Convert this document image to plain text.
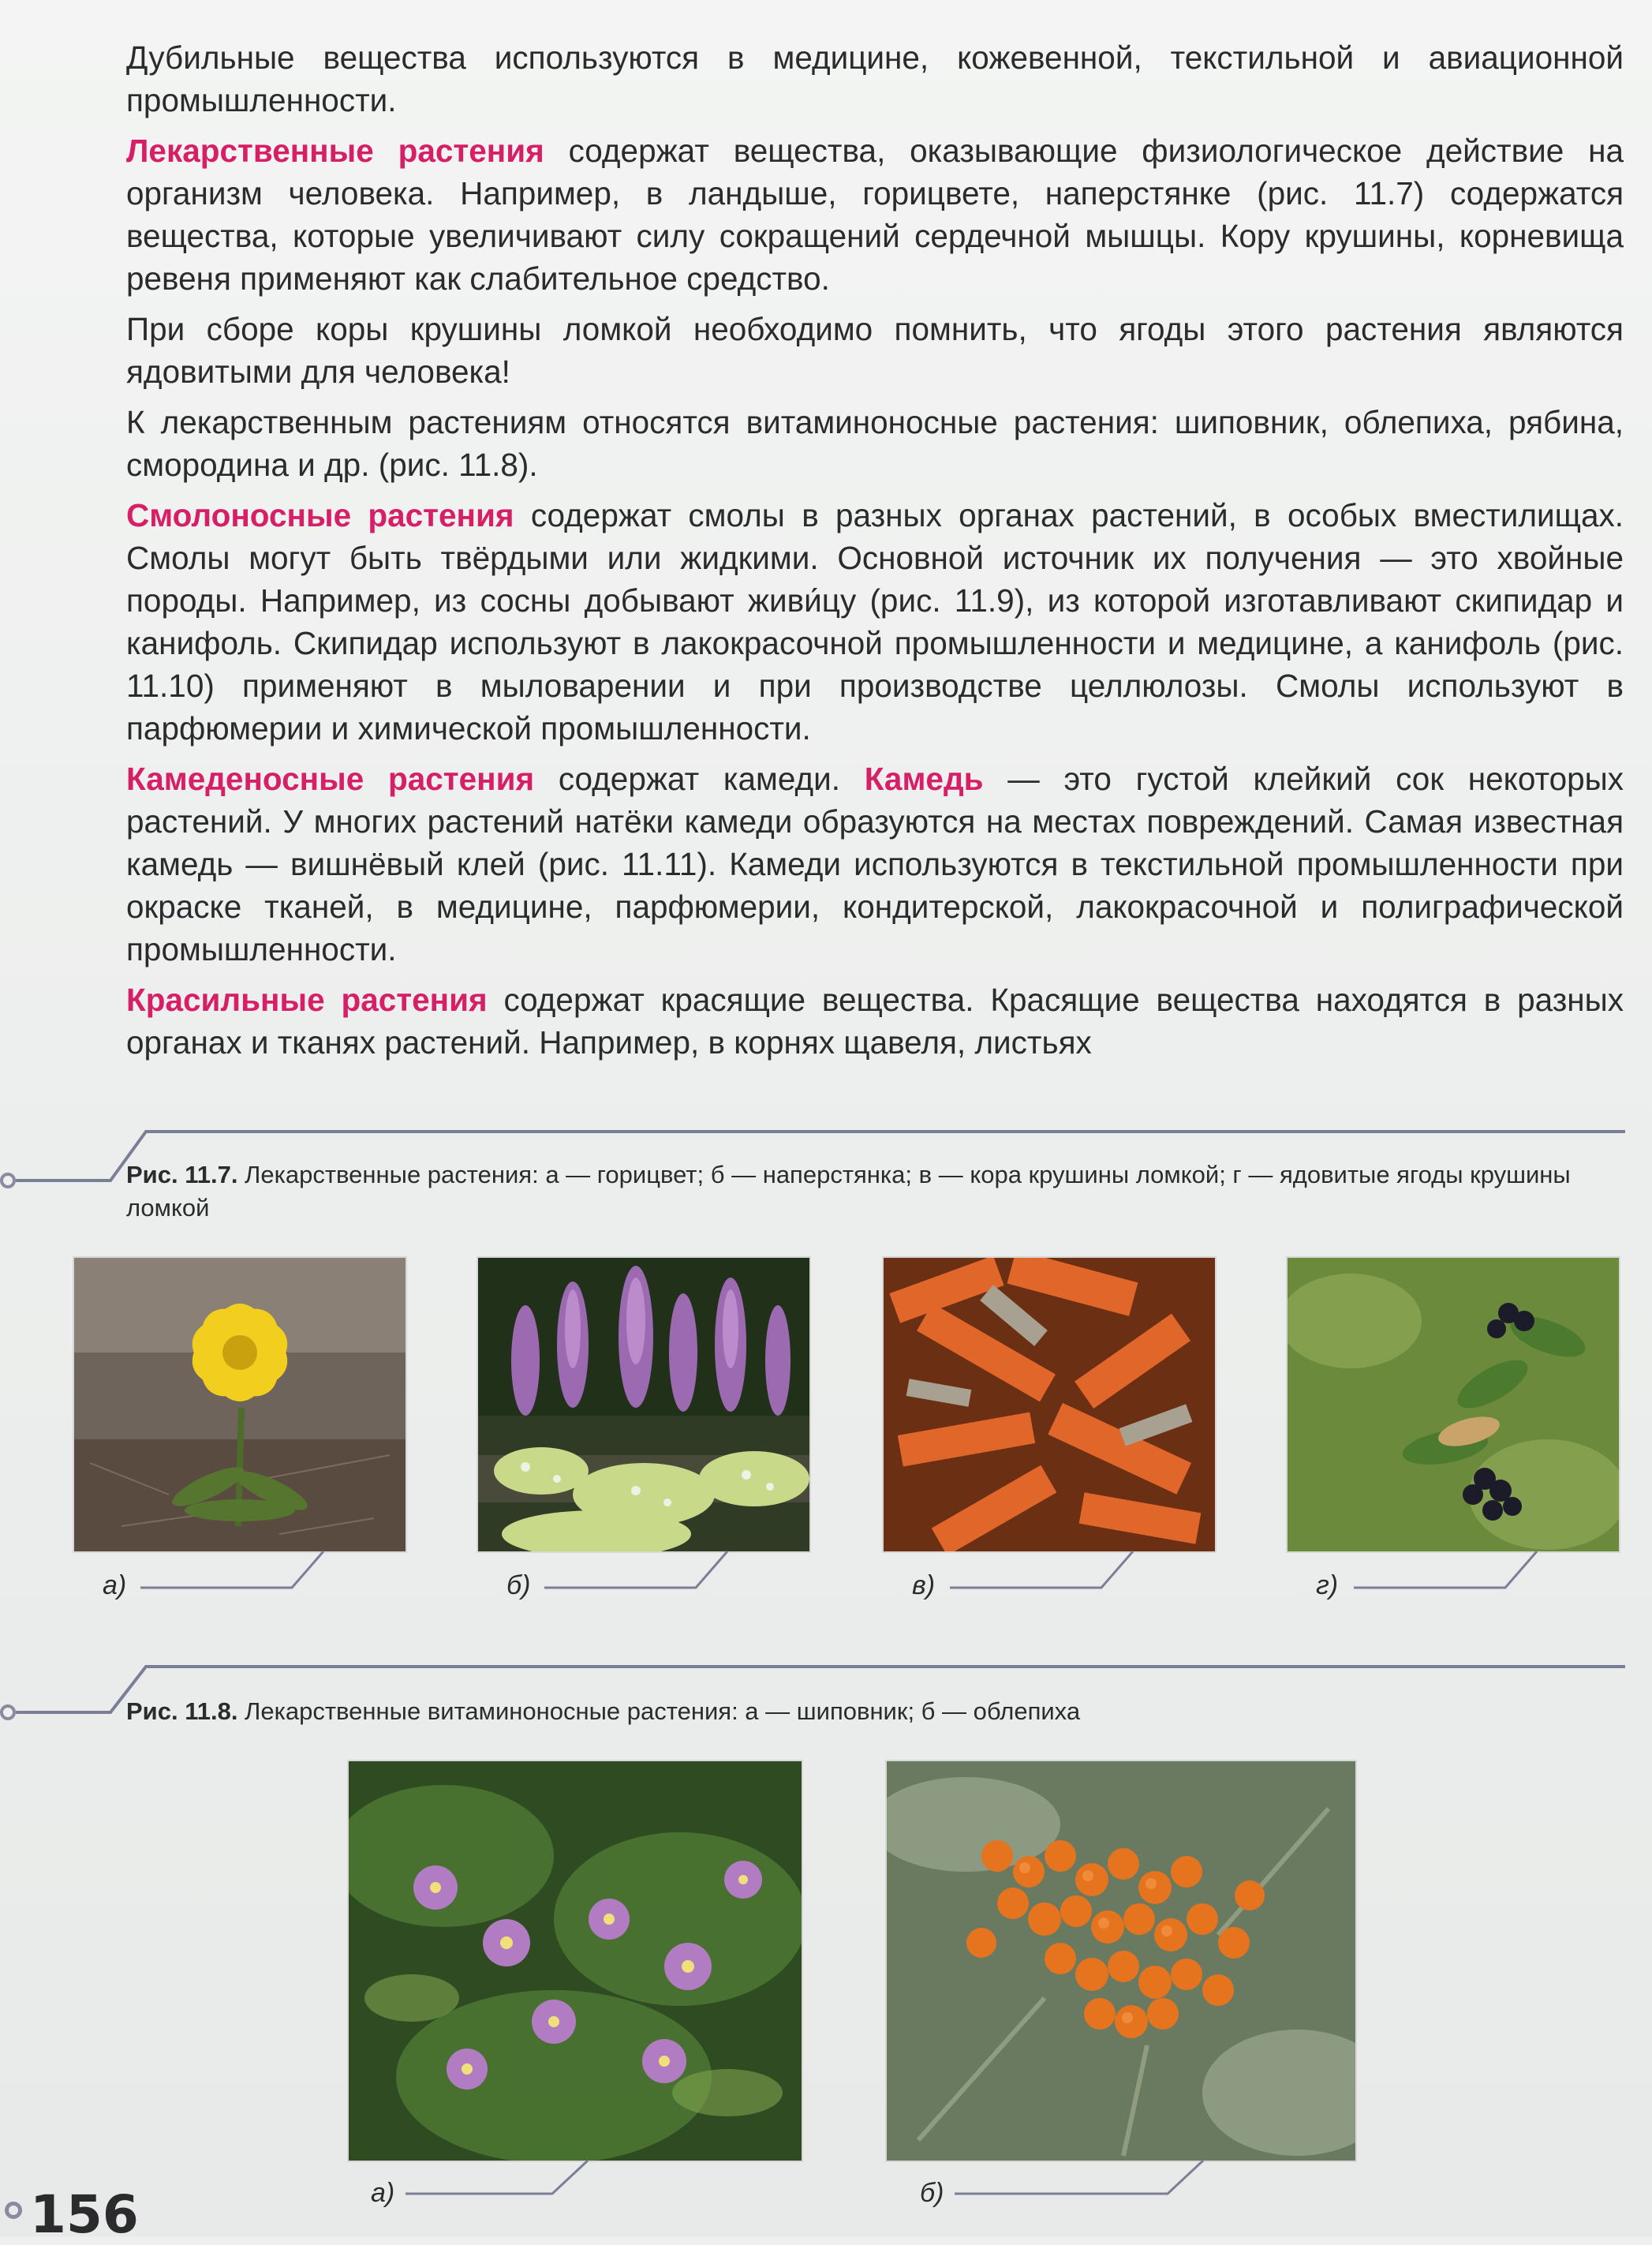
Дубильные вещества используются в медицине, кожевенной, текстильной и авиационной промышленности.

Лекарственные растения содержат вещества, оказывающие физиологическое действие на организм человека. Например, в ландыше, горицвете, наперстянке (рис. 11.7) содержатся вещества, которые увеличивают силу сокращений сердечной мышцы. Кору крушины, корневища ревеня применяют как слабительное средство.

При сборе коры крушины ломкой необходимо помнить, что ягоды этого растения являются ядовитыми для человека!

К лекарственным растениям относятся витаминоносные растения: шиповник, облепиха, рябина, смородина и др. (рис. 11.8).

Смолоносные растения содержат смолы в разных органах растений, в особых вместилищах. Смолы могут быть твёрдыми или жидкими. Основной источник их получения — это хвойные породы. Например, из сосны добывают живи́цу (рис. 11.9), из которой изготавливают скипидар и канифоль. Скипидар используют в лакокрасочной промышленности и медицине, а канифоль (рис. 11.10) применяют в мыловарении и при производстве целлюлозы. Смолы используют в парфюмерии и химической промышленности.

Камеденосные растения содержат камеди. Камедь — это густой клейкий сок некоторых растений. У многих растений натёки камеди образуются на местах повреждений. Самая известная камедь — вишнёвый клей (рис. 11.11). Камеди используются в текстильной промышленности при окраске тканей, в медицине, парфюмерии, кондитерской, лакокрасочной и полиграфической промышленности.

Красильные растения содержат красящие вещества. Красящие вещества находятся в разных органах и тканях растений. Например, в корнях щавеля, листьях

Рис. 11.7. Лекарственные растения: а — горицвет; б — наперстянка; в — кора крушины ломкой; г — ядовитые ягоды крушины ломкой
а)	б)	в)	г)
Рис. 11.8. Лекарственные витаминоносные растения: а — шиповник; б — облепиха
а)	б)
156
